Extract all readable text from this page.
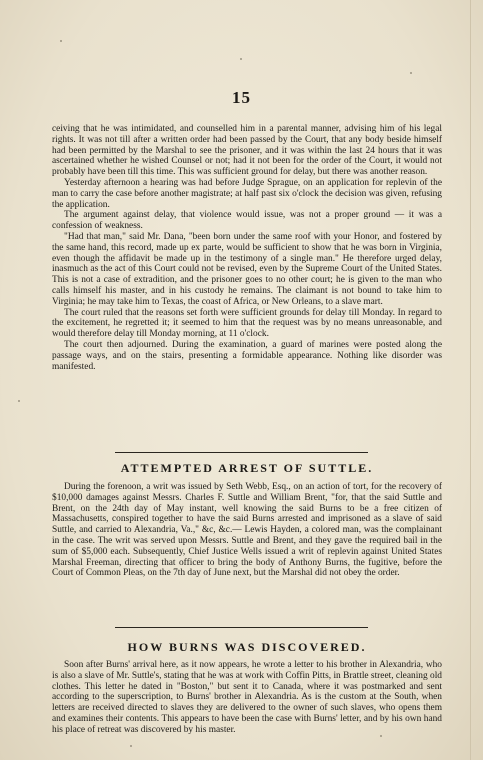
15

ceiving that he was intimidated, and counselled him in a parental manner, advising him of his legal rights. It was not till after a written order had been passed by the Court, that any body beside himself had been permitted by the Marshal to see the prisoner, and it was within the last 24 hours that it was ascertained whether he wished Counsel or not; had it not been for the order of the Court, it would not probably have been till this time. This was sufficient ground for delay, but there was another reason.

Yesterday afternoon a hearing was had before Judge Sprague, on an application for replevin of the man to carry the case before another magistrate; at half past six o'clock the decision was given, refusing the application.

The argument against delay, that violence would issue, was not a proper ground — it was a confession of weakness.

"Had that man," said Mr. Dana, "been born under the same roof with your Honor, and fostered by the same hand, this record, made up ex parte, would be sufficient to show that he was born in Virginia, even though the affidavit be made up in the testimony of a single man." He therefore urged delay, inasmuch as the act of this Court could not be revised, even by the Supreme Court of the United States. This is not a case of extradition, and the prisoner goes to no other court; he is given to the man who calls himself his master, and in his custody he remains. The claimant is not bound to take him to Virginia; he may take him to Texas, the coast of Africa, or New Orleans, to a slave mart.

The court ruled that the reasons set forth were sufficient grounds for delay till Monday. In regard to the excitement, he regretted it; it seemed to him that the request was by no means unreasonable, and would therefore delay till Monday morning, at 11 o'clock.

The court then adjourned. During the examination, a guard of marines were posted along the passage ways, and on the stairs, presenting a formidable appearance. Nothing like disorder was manifested.

ATTEMPTED ARREST OF SUTTLE.

During the forenoon, a writ was issued by Seth Webb, Esq., on an action of tort, for the recovery of $10,000 damages against Messrs. Charles F. Suttle and William Brent, "for, that the said Suttle and Brent, on the 24th day of May instant, well knowing the said Burns to be a free citizen of Massachusetts, conspired together to have the said Burns arrested and imprisoned as a slave of said Suttle, and carried to Alexandria, Va.," &c, &c.— Lewis Hayden, a colored man, was the complainant in the case. The writ was served upon Messrs. Suttle and Brent, and they gave the required bail in the sum of $5,000 each. Subsequently, Chief Justice Wells issued a writ of replevin against United States Marshal Freeman, directing that officer to bring the body of Anthony Burns, the fugitive, before the Court of Common Pleas, on the 7th day of June next, but the Marshal did not obey the order.

HOW BURNS WAS DISCOVERED.

Soon after Burns' arrival here, as it now appears, he wrote a letter to his brother in Alexandria, who is also a slave of Mr. Suttle's, stating that he was at work with Coffin Pitts, in Brattle street, cleaning old clothes. This letter he dated in "Boston," but sent it to Canada, where it was postmarked and sent according to the superscription, to Burns' brother in Alexandria. As is the custom at the South, when letters are received directed to slaves they are delivered to the owner of such slaves, who opens them and examines their contents. This appears to have been the case with Burns' letter, and by his own hand his place of retreat was discovered by his master.
